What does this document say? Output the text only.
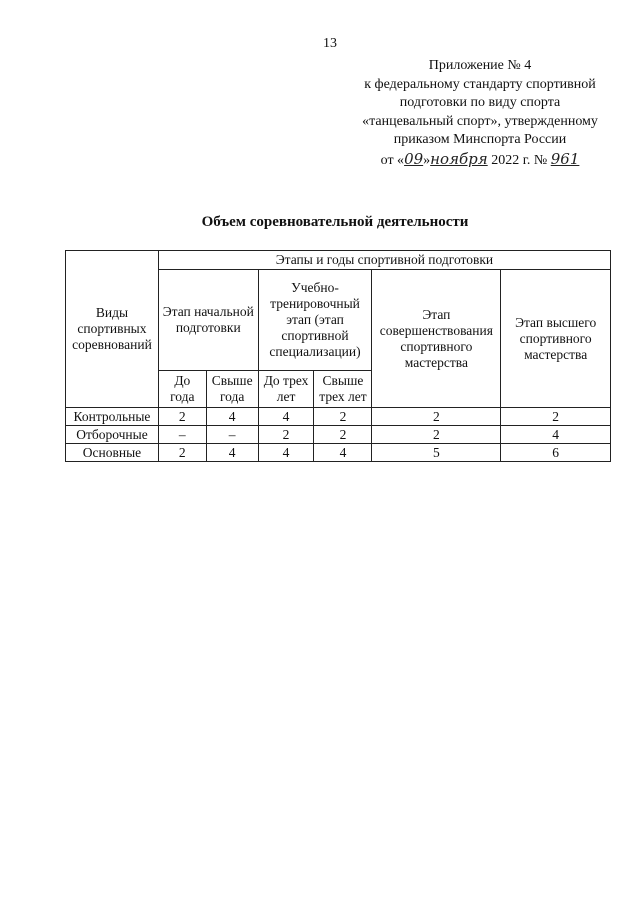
13
Приложение № 4
к федеральному стандарту спортивной
подготовки по виду спорта
«танцевальный спорт», утвержденному
приказом Минспорта России
от «09»ноября 2022 г. № 961
Объем соревновательной деятельности
Виды спортивных соревнований	Этапы и годы спортивной подготовки					
	Этап начальной подготовки		Учебно-тренировочный этап (этап спортивной специализации)		Этап совершенствования спортивного мастерства	Этап высшего спортивного мастерства
	До года	Свыше года	До трех лет	Свыше трех лет		
Контрольные	2	4	4	2	2	2
Отборочные	–	–	2	2	2	4
Основные	2	4	4	4	5	6
